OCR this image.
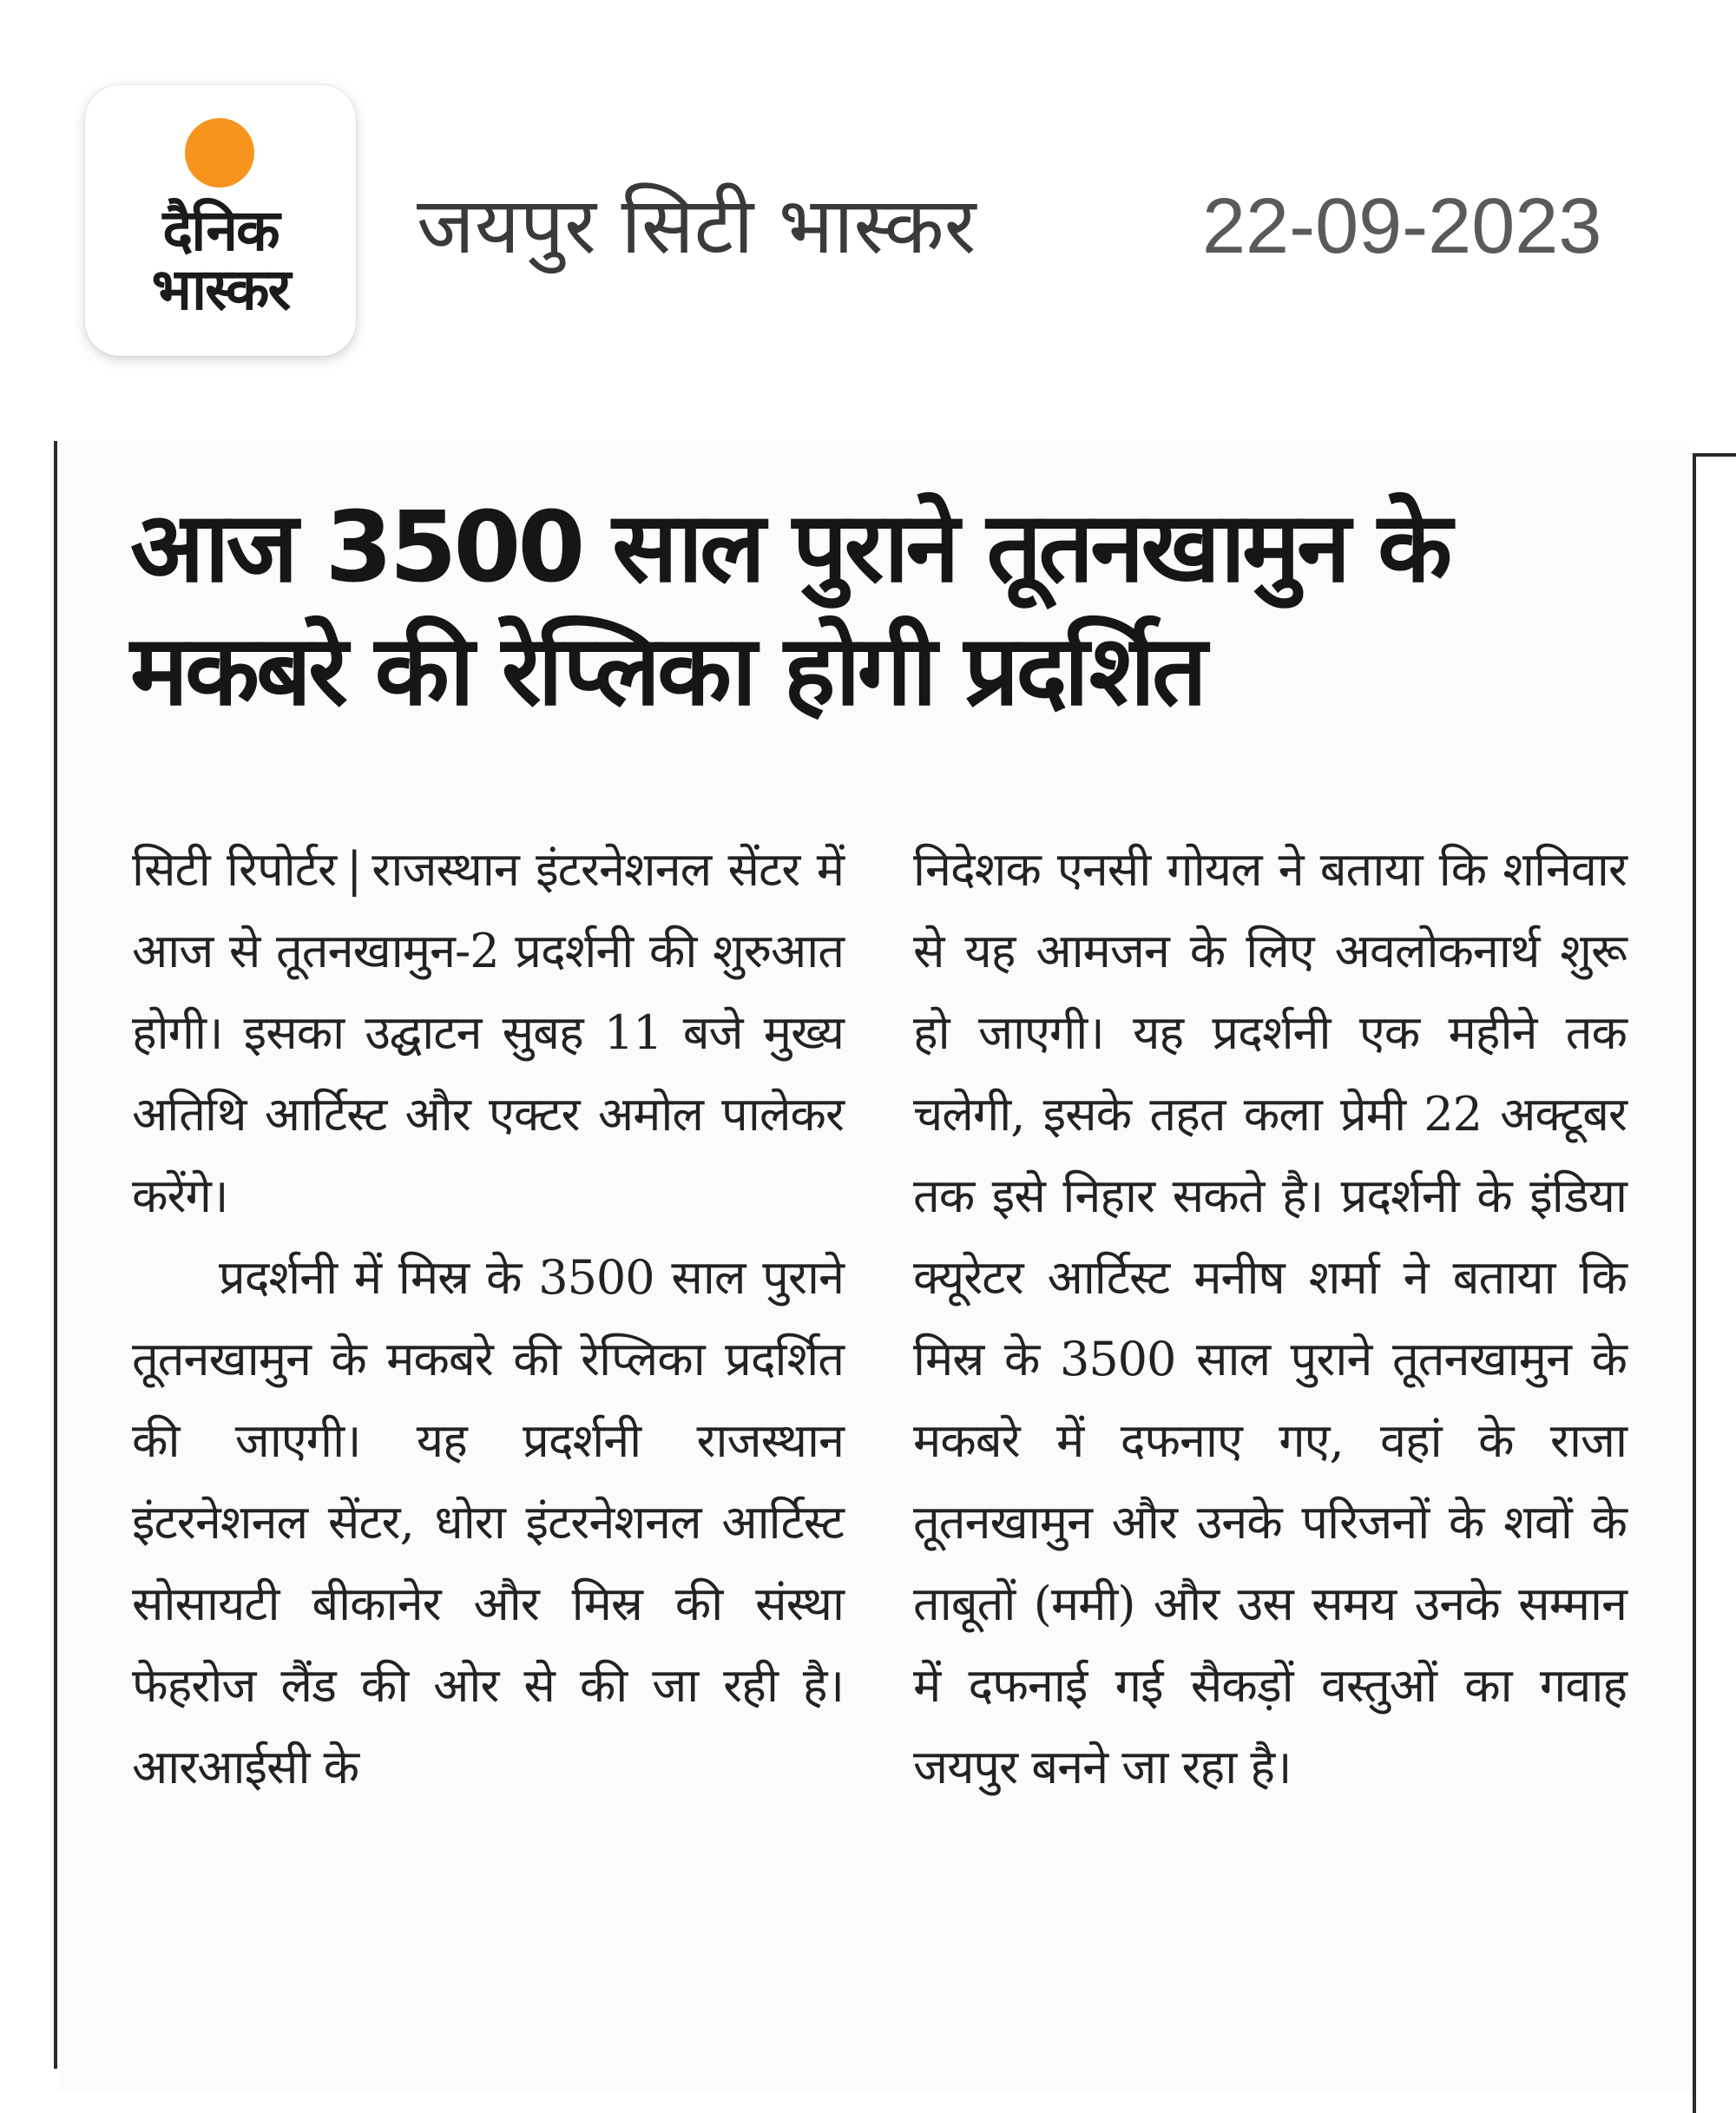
दैनिक
भास्कर
जयपुर सिटी भास्कर	22-09-2023
आज 3500 साल पुराने तूतनखामुन के
मकबरे की रेप्लिका होगी प्रदर्शित

सिटी रिपोर्टर | राजस्थान इंटरनेशनल सेंटर में आज से तूतनखामुन-2 प्रदर्शनी की शुरुआत होगी। इसका उद्घाटन सुबह 11 बजे मुख्य अतिथि आर्टिस्ट और एक्टर अमोल पालेकर करेंगे।

प्रदर्शनी में मिस्र के 3500 साल पुराने तूतनखामुन के मकबरे की रेप्लिका प्रदर्शित की जाएगी। यह प्रदर्शनी राजस्थान इंटरनेशनल सेंटर, धोरा इंटरनेशनल आर्टिस्ट सोसायटी बीकानेर और मिस्र की संस्था फेहरोज लैंड की ओर से की जा रही है। आरआईसी के

निदेशक एनसी गोयल ने बताया कि शनिवार से यह आमजन के लिए अवलोकनार्थ शुरू हो जाएगी। यह प्रदर्शनी एक महीने तक चलेगी, इसके तहत कला प्रेमी 22 अक्टूबर तक इसे निहार सकते है। प्रदर्शनी के इंडिया क्यूरेटर आर्टिस्ट मनीष शर्मा ने बताया कि मिस्र के 3500 साल पुराने तूतनखामुन के मकबरे में दफनाए गए, वहां के राजा तूतनखामुन और उनके परिजनों के शवों के ताबूतों (ममी) और उस समय उनके सम्मान में दफनाई गई सैकड़ों वस्तुओं का गवाह जयपुर बनने जा रहा है।
